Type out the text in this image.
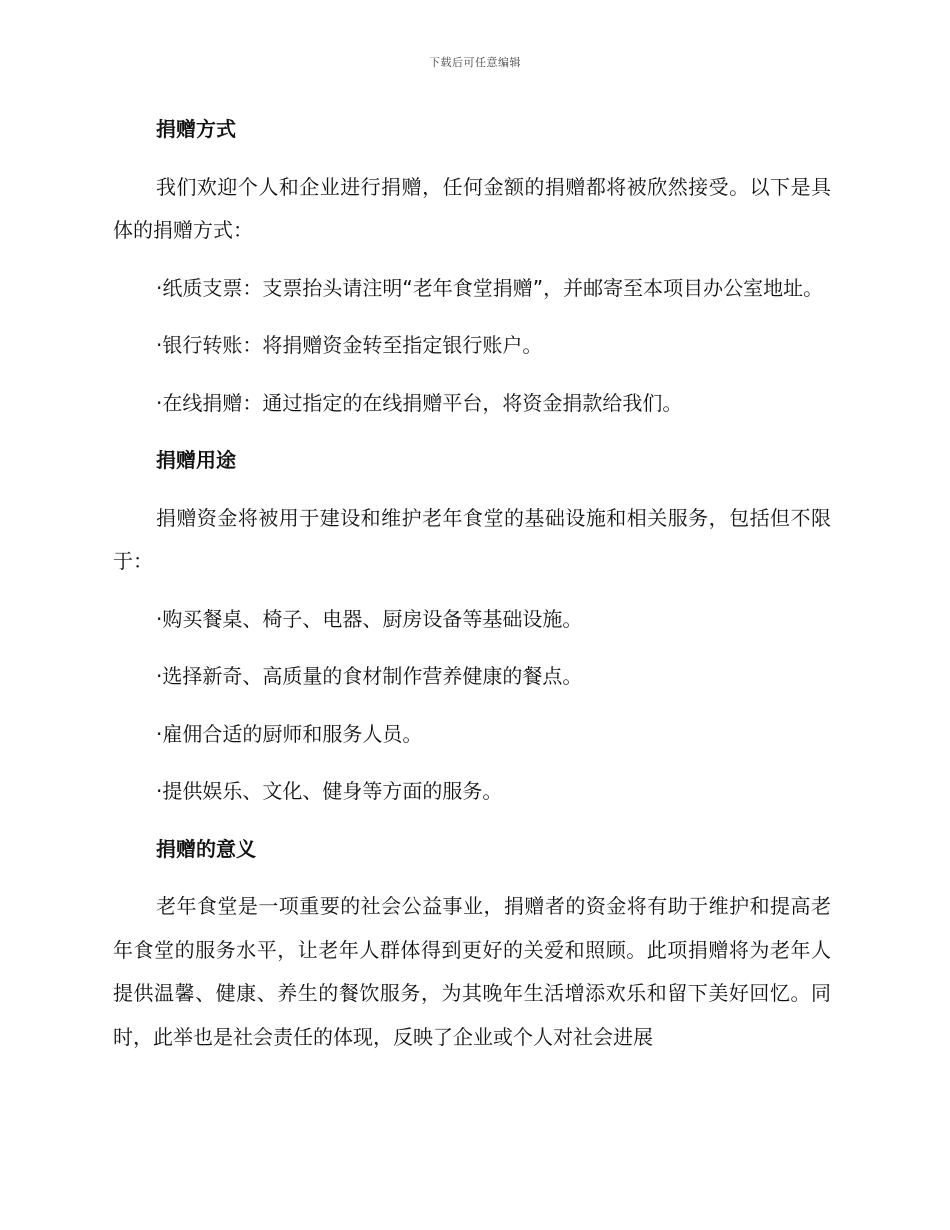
下载后可任意编辑
捐赠方式
我们欢迎个人和企业进行捐赠，任何金额的捐赠都将被欣然接受。以下是具体的捐赠方式：
·纸质支票：支票抬头请注明“老年食堂捐赠”，并邮寄至本项目办公室地址。
·银行转账：将捐赠资金转至指定银行账户。
·在线捐赠：通过指定的在线捐赠平台，将资金捐款给我们。
捐赠用途
捐赠资金将被用于建设和维护老年食堂的基础设施和相关服务，包括但不限于：
·购买餐桌、椅子、电器、厨房设备等基础设施。
·选择新奇、高质量的食材制作营养健康的餐点。
·雇佣合适的厨师和服务人员。
·提供娱乐、文化、健身等方面的服务。
捐赠的意义
老年食堂是一项重要的社会公益事业，捐赠者的资金将有助于维护和提高老年食堂的服务水平，让老年人群体得到更好的关爱和照顾。此项捐赠将为老年人提供温馨、健康、养生的餐饮服务，为其晚年生活增添欢乐和留下美好回忆。同时，此举也是社会责任的体现，反映了企业或个人对社会进展
